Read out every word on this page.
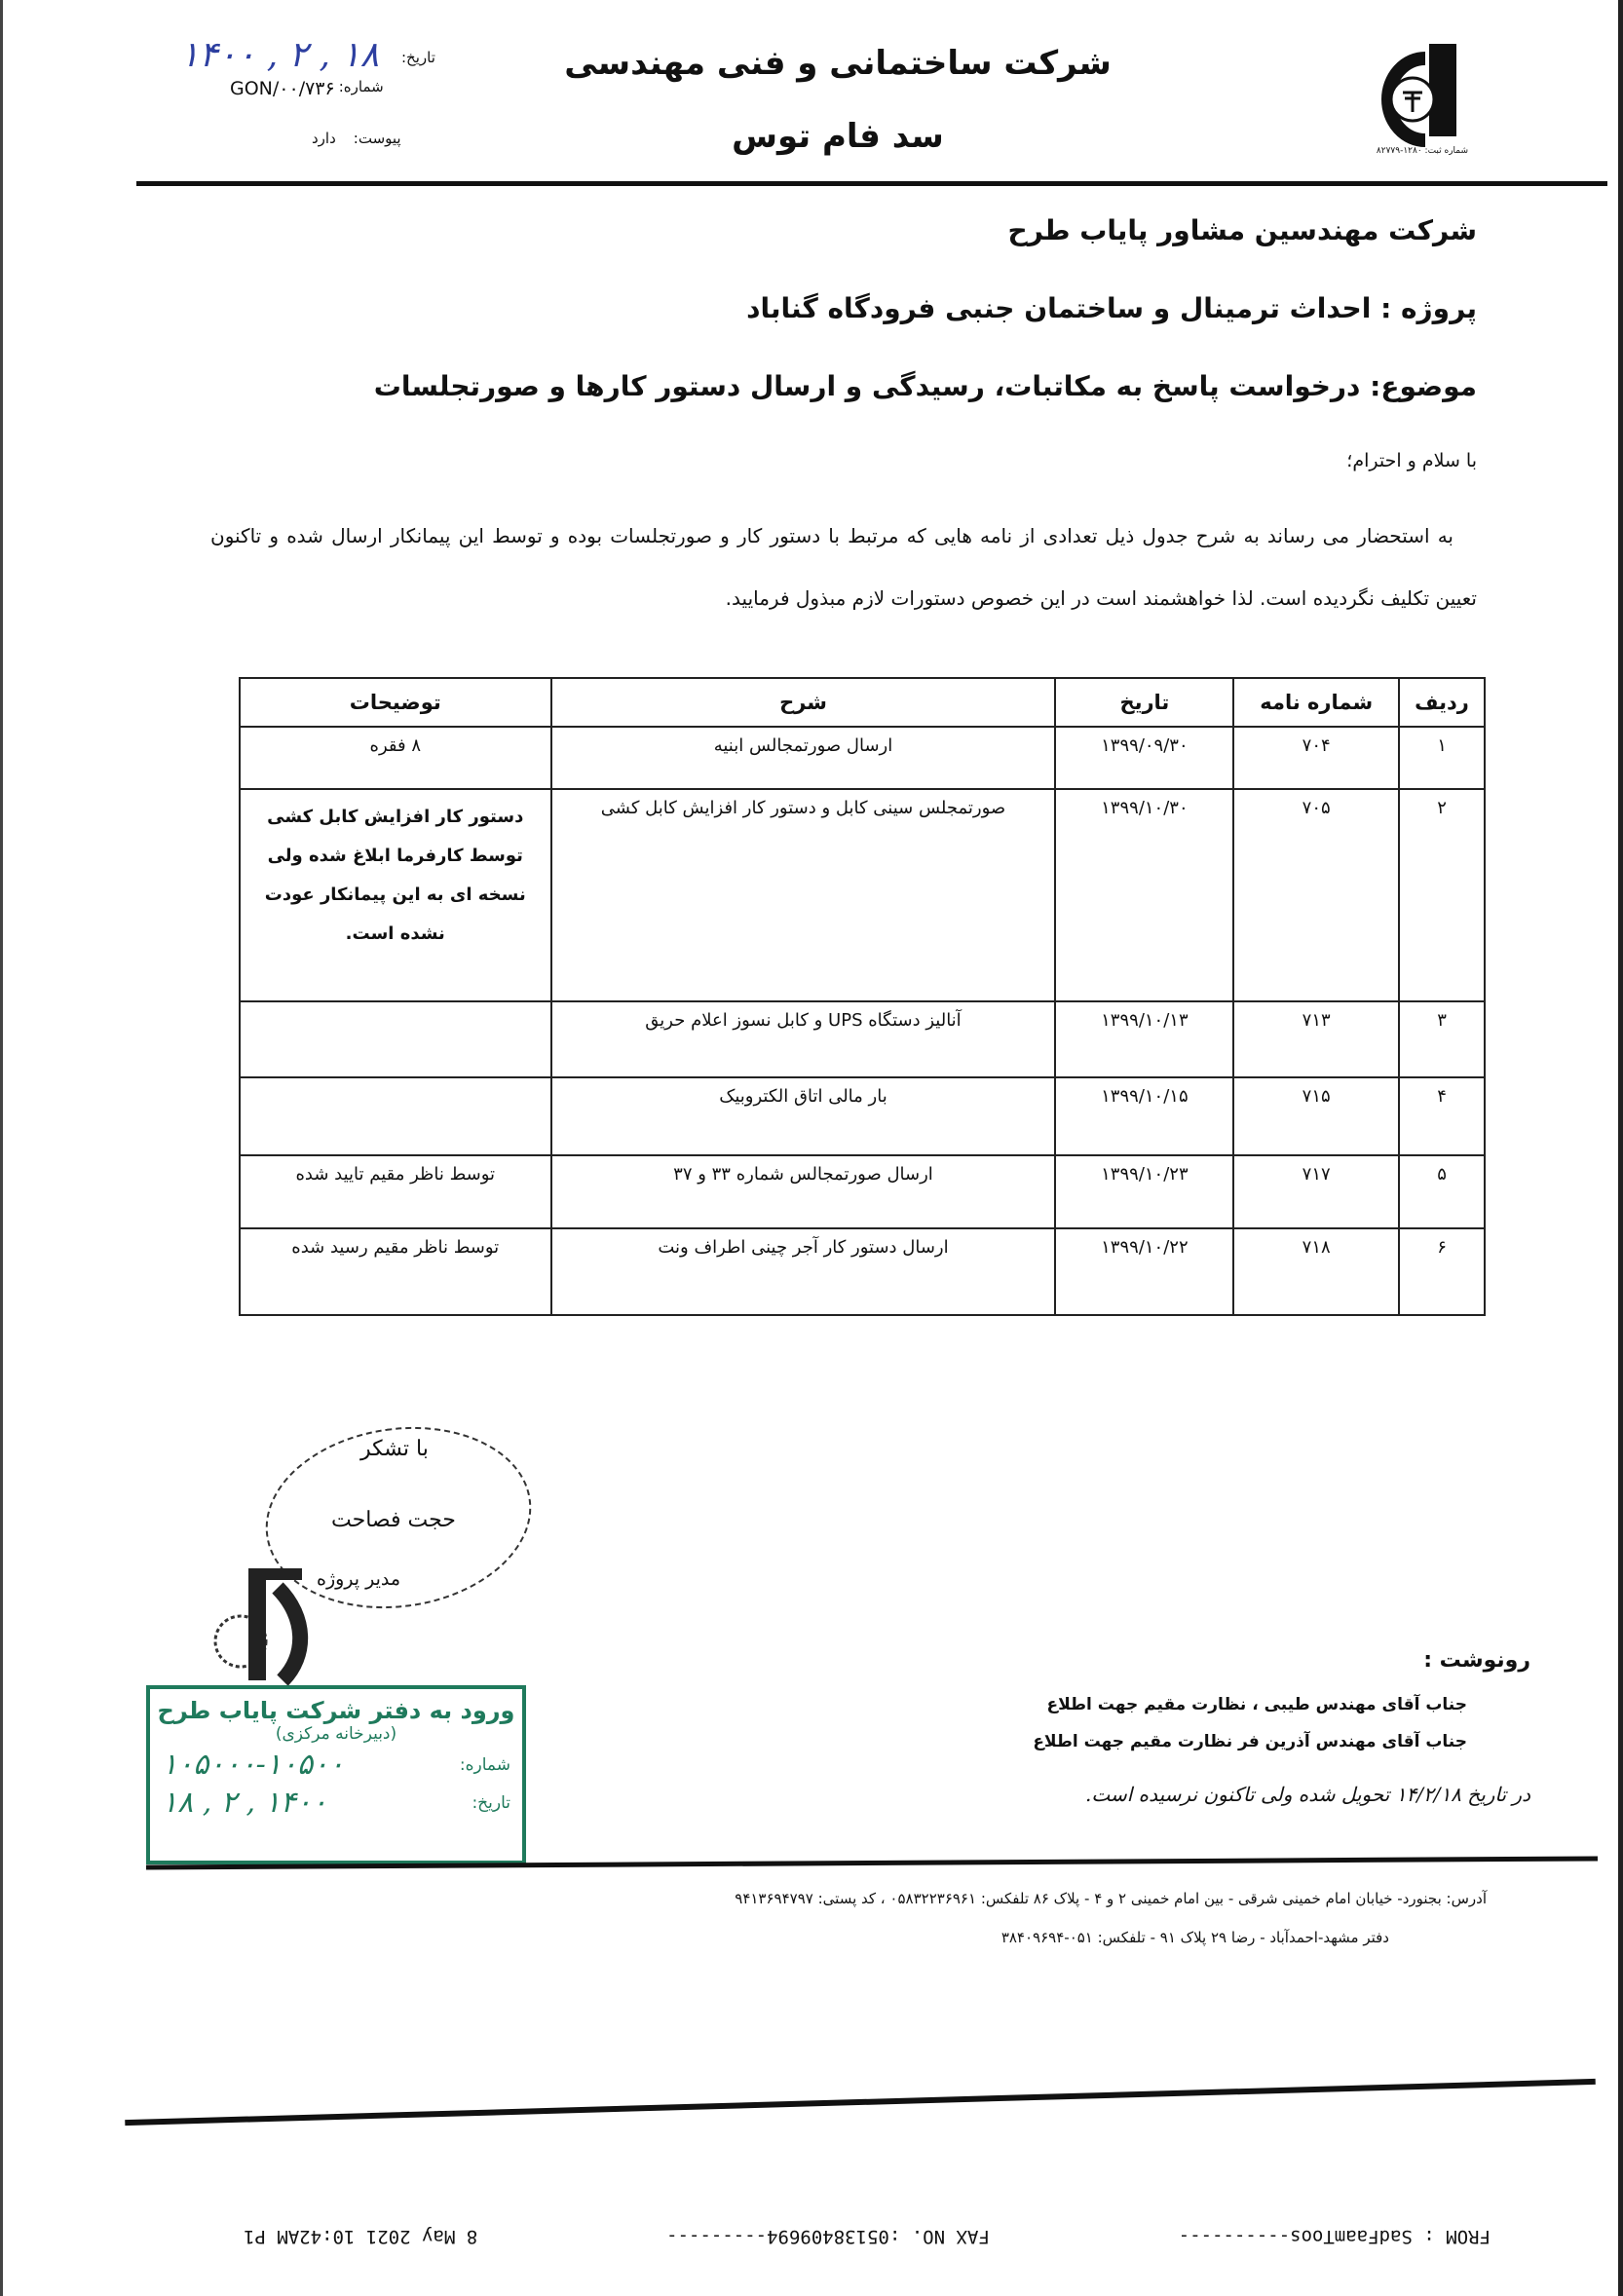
شماره ثبت: ۱۲۸۰-۸۲۷۷۹
شرکت ساختمانی و فنی مهندسی
سد فام توس
۱۴۰۰ , ۲ , ۱۸ تاریخ:
شماره:
GON/۰۰/۷۳۶
پیوست:
دارد
شرکت مهندسین مشاور پایاب طرح
پروژه : احداث ترمینال و ساختمان جنبی فرودگاه گناباد
موضوع: درخواست پاسخ به مکاتبات، رسیدگی و ارسال دستور کارها و صورتجلسات
با سلام و احترام؛
به استحضار می رساند به شرح جدول ذیل تعدادی از نامه هایی که مرتبط با دستور کار و صورتجلسات بوده و توسط این پیمانکار ارسال شده و تاکنون تعیین تکلیف نگردیده است. لذا خواهشمند است در این خصوص دستورات لازم مبذول فرمایید.
ردیف	شماره نامه	تاریخ	شرح	توضیحات
۱	۷۰۴	۱۳۹۹/۰۹/۳۰	ارسال صورتمجالس ابنیه	۸ فقره
۲	۷۰۵	۱۳۹۹/۱۰/۳۰	صورتمجلس سینی کابل و دستور کار افزایش کابل کشی	دستور کار افزایش کابل کشی توسط کارفرما ابلاغ شده ولی نسخه ای به این پیمانکار عودت نشده است.
۳	۷۱۳	۱۳۹۹/۱۰/۱۳	آنالیز دستگاه UPS و کابل نسوز اعلام حریق	
۴	۷۱۵	۱۳۹۹/۱۰/۱۵	بار مالی اتاق الکتروبیک	
۵	۷۱۷	۱۳۹۹/۱۰/۲۳	ارسال صورتمجالس شماره ۳۳ و ۳۷	توسط ناظر مقیم تایید شده
۶	۷۱۸	۱۳۹۹/۱۰/۲۲	ارسال دستور کار آجر چینی اطراف ونت	توسط ناظر مقیم رسید شده
با تشکر
حجت فصاحت
مدیر پروژه
ورود به دفتر شرکت پایاب طرح
(دبیرخانه مرکزی)
شماره:
۱۰۵۰۰۰-۱۰۵۰۰
تاریخ:
۱۴۰۰ , ۲ , ۱۸
رونوشت :
جناب آقای مهندس طیبی ، نظارت مقیم جهت اطلاع
جناب آقای مهندس آذرین فر نظارت مقیم جهت اطلاع
در تاریخ ۱۴/۲/۱۸ تحویل شده ولی تاکنون نرسیده است.
آدرس: بجنورد- خیابان امام خمینی شرقی - بین امام خمینی ۲ و ۴ - پلاک ۸۶ تلفکس: ۰۵۸۳۲۲۳۶۹۶۱ ، کد پستی: ۹۴۱۳۶۹۴۷۹۷
دفتر مشهد-احمدآباد - رضا ۲۹ پلاک ۹۱ - تلفکس: ۰۵۱-۳۸۴۰۹۶۹۴
FROM : SadFaamToos----------
FAX NO. :05138409694---------
8 May 2021 10:42AM P1
